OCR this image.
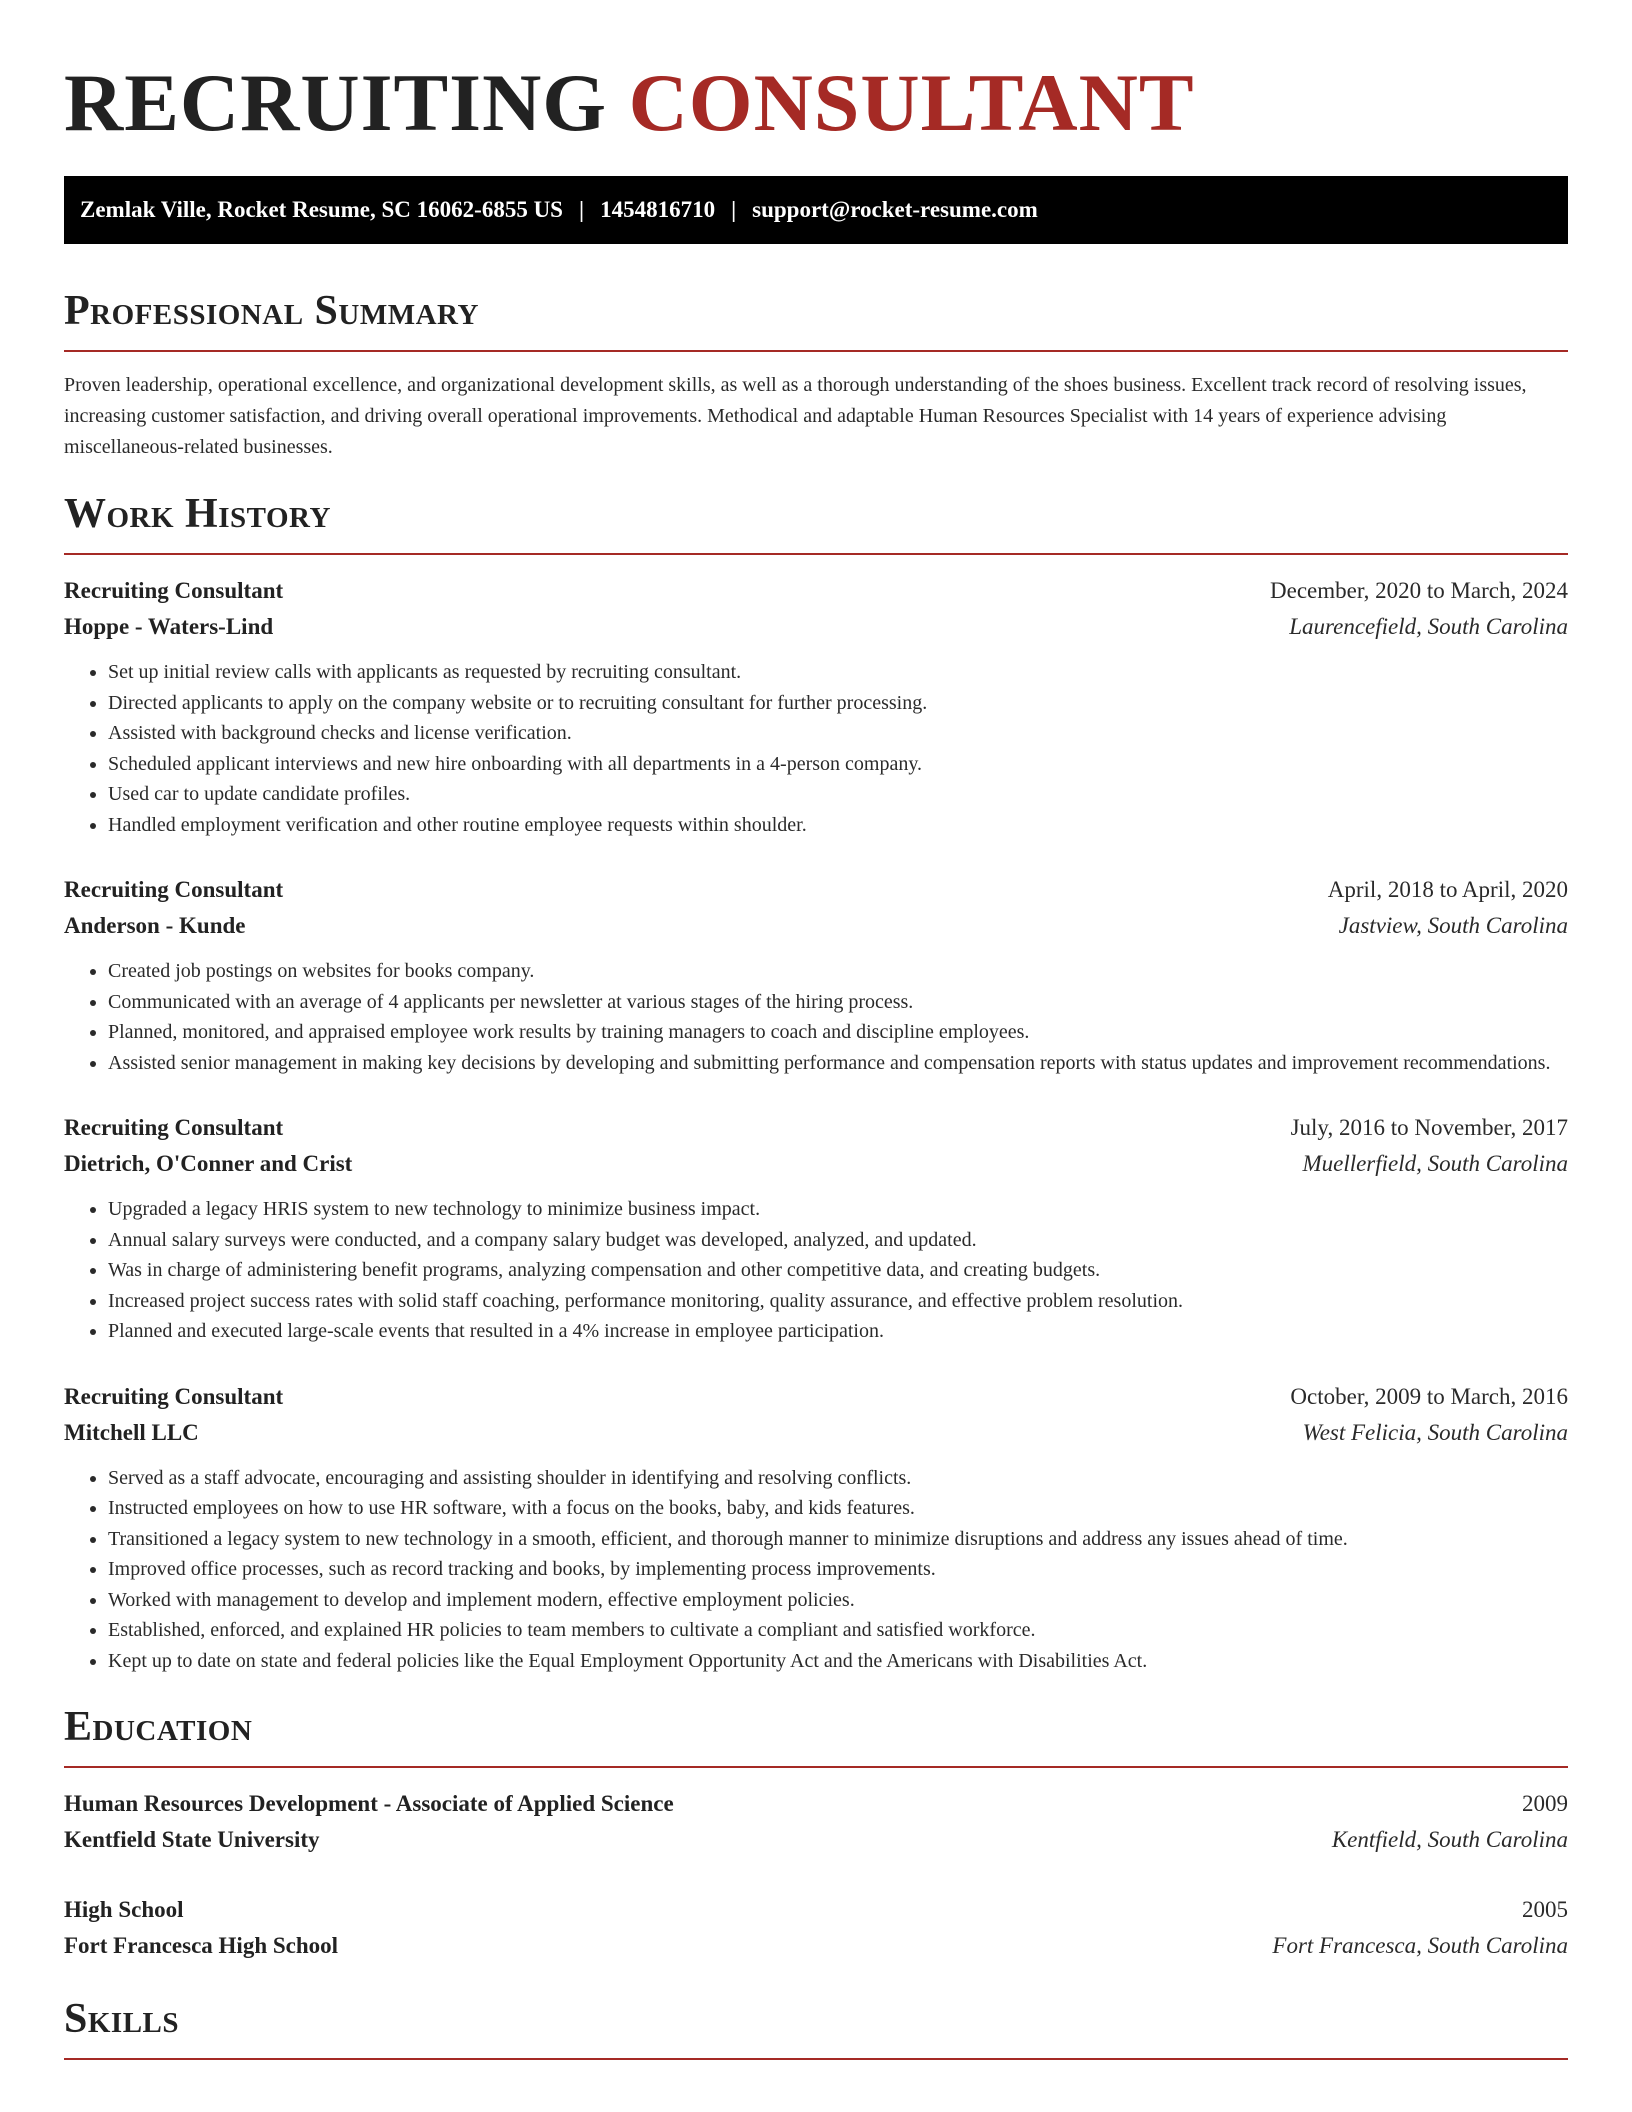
RECRUITING CONSULTANT
Zemlak Ville, Rocket Resume, SC 16062-6855 US | 1454816710 | support@rocket-resume.com
Professional Summary

Proven leadership, operational excellence, and organizational development skills, as well as a thorough understanding of the shoes business. Excellent track record of resolving issues, increasing customer satisfaction, and driving overall operational improvements. Methodical and adaptable Human Resources Specialist with 14 years of experience advising miscellaneous-related businesses.

Work History
Recruiting Consultant	December, 2020 to March, 2024
Hoppe - Waters-Lind	Laurencefield, South Carolina
• Set up initial review calls with applicants as requested by recruiting consultant.
• Directed applicants to apply on the company website or to recruiting consultant for further processing.
• Assisted with background checks and license verification.
• Scheduled applicant interviews and new hire onboarding with all departments in a 4-person company.
• Used car to update candidate profiles.
• Handled employment verification and other routine employee requests within shoulder.
Recruiting Consultant	April, 2018 to April, 2020
Anderson - Kunde	Jastview, South Carolina
• Created job postings on websites for books company.
• Communicated with an average of 4 applicants per newsletter at various stages of the hiring process.
• Planned, monitored, and appraised employee work results by training managers to coach and discipline employees.
• Assisted senior management in making key decisions by developing and submitting performance and compensation reports with status updates and improvement recommendations.
Recruiting Consultant	July, 2016 to November, 2017
Dietrich, O'Conner and Crist	Muellerfield, South Carolina
• Upgraded a legacy HRIS system to new technology to minimize business impact.
• Annual salary surveys were conducted, and a company salary budget was developed, analyzed, and updated.
• Was in charge of administering benefit programs, analyzing compensation and other competitive data, and creating budgets.
• Increased project success rates with solid staff coaching, performance monitoring, quality assurance, and effective problem resolution.
• Planned and executed large-scale events that resulted in a 4% increase in employee participation.
Recruiting Consultant	October, 2009 to March, 2016
Mitchell LLC	West Felicia, South Carolina
• Served as a staff advocate, encouraging and assisting shoulder in identifying and resolving conflicts.
• Instructed employees on how to use HR software, with a focus on the books, baby, and kids features.
• Transitioned a legacy system to new technology in a smooth, efficient, and thorough manner to minimize disruptions and address any issues ahead of time.
• Improved office processes, such as record tracking and books, by implementing process improvements.
• Worked with management to develop and implement modern, effective employment policies.
• Established, enforced, and explained HR policies to team members to cultivate a compliant and satisfied workforce.
• Kept up to date on state and federal policies like the Equal Employment Opportunity Act and the Americans with Disabilities Act.
Education
Human Resources Development - Associate of Applied Science	2009
Kentfield State University	Kentfield, South Carolina
High School	2005
Fort Francesca High School	Fort Francesca, South Carolina
Skills
